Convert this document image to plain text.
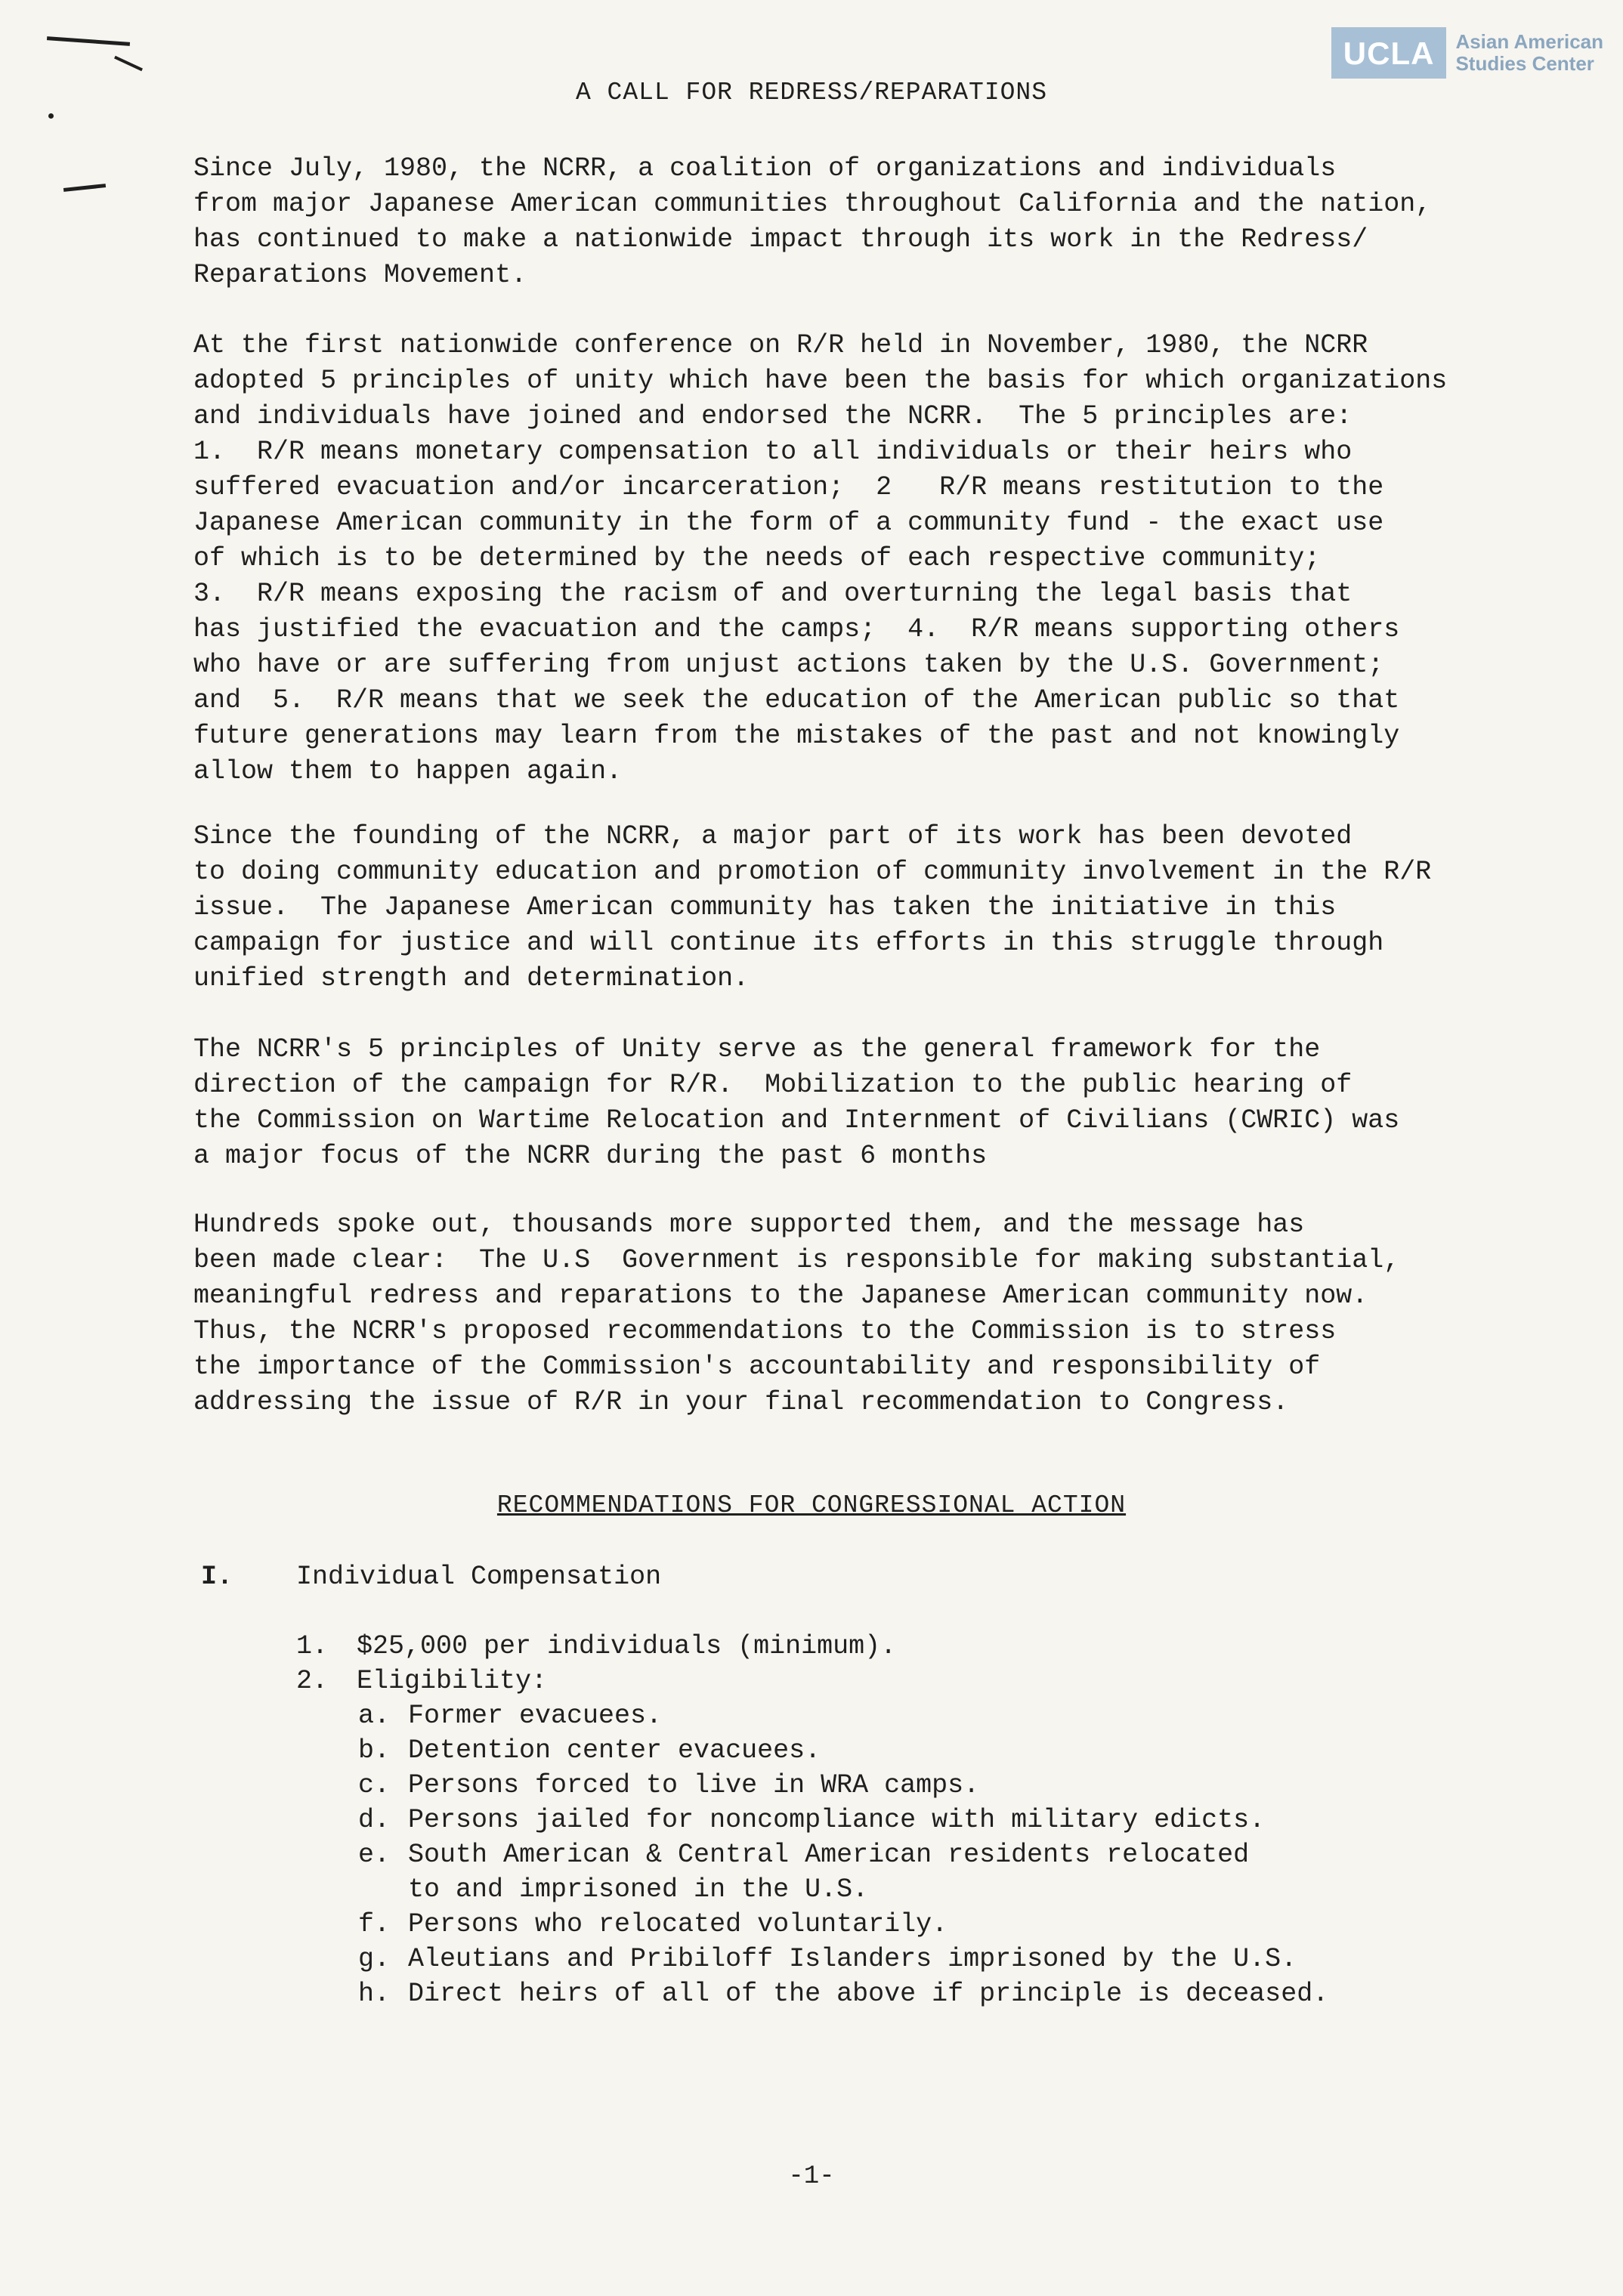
UCLA	Asian American
Studies Center
A CALL FOR REDRESS/REPARATIONS
Since July, 1980, the NCRR, a coalition of organizations and individuals
from major Japanese American communities throughout California and the nation,
has continued to make a nationwide impact through its work in the Redress/
Reparations Movement.
At the first nationwide conference on R/R held in November, 1980, the NCRR
adopted 5 principles of unity which have been the basis for which organizations
and individuals have joined and endorsed the NCRR.  The 5 principles are:
1.  R/R means monetary compensation to all individuals or their heirs who
suffered evacuation and/or incarceration;  2   R/R means restitution to the
Japanese American community in the form of a community fund - the exact use
of which is to be determined by the needs of each respective community;
3.  R/R means exposing the racism of and overturning the legal basis that
has justified the evacuation and the camps;  4.  R/R means supporting others
who have or are suffering from unjust actions taken by the U.S. Government;
and  5.  R/R means that we seek the education of the American public so that
future generations may learn from the mistakes of the past and not knowingly
allow them to happen again.
Since the founding of the NCRR, a major part of its work has been devoted
to doing community education and promotion of community involvement in the R/R
issue.  The Japanese American community has taken the initiative in this
campaign for justice and will continue its efforts in this struggle through
unified strength and determination.
The NCRR's 5 principles of Unity serve as the general framework for the
direction of the campaign for R/R.  Mobilization to the public hearing of
the Commission on Wartime Relocation and Internment of Civilians (CWRIC) was
a major focus of the NCRR during the past 6 months
Hundreds spoke out, thousands more supported them, and the message has
been made clear:  The U.S  Government is responsible for making substantial,
meaningful redress and reparations to the Japanese American community now.
Thus, the NCRR's proposed recommendations to the Commission is to stress
the importance of the Commission's accountability and responsibility of
addressing the issue of R/R in your final recommendation to Congress.
RECOMMENDATIONS FOR CONGRESSIONAL ACTION
I. Individual Compensation
1.	$25,000 per individuals (minimum).
2.	Eligibility:
a. Former evacuees.
b. Detention center evacuees.
c. Persons forced to live in WRA camps.
d. Persons jailed for noncompliance with military edicts.
e. South American & Central American residents relocated
to and imprisoned in the U.S.
f. Persons who relocated voluntarily.
g. Aleutians and Pribiloff Islanders imprisoned by the U.S.
h. Direct heirs of all of the above if principle is deceased.
-1-
